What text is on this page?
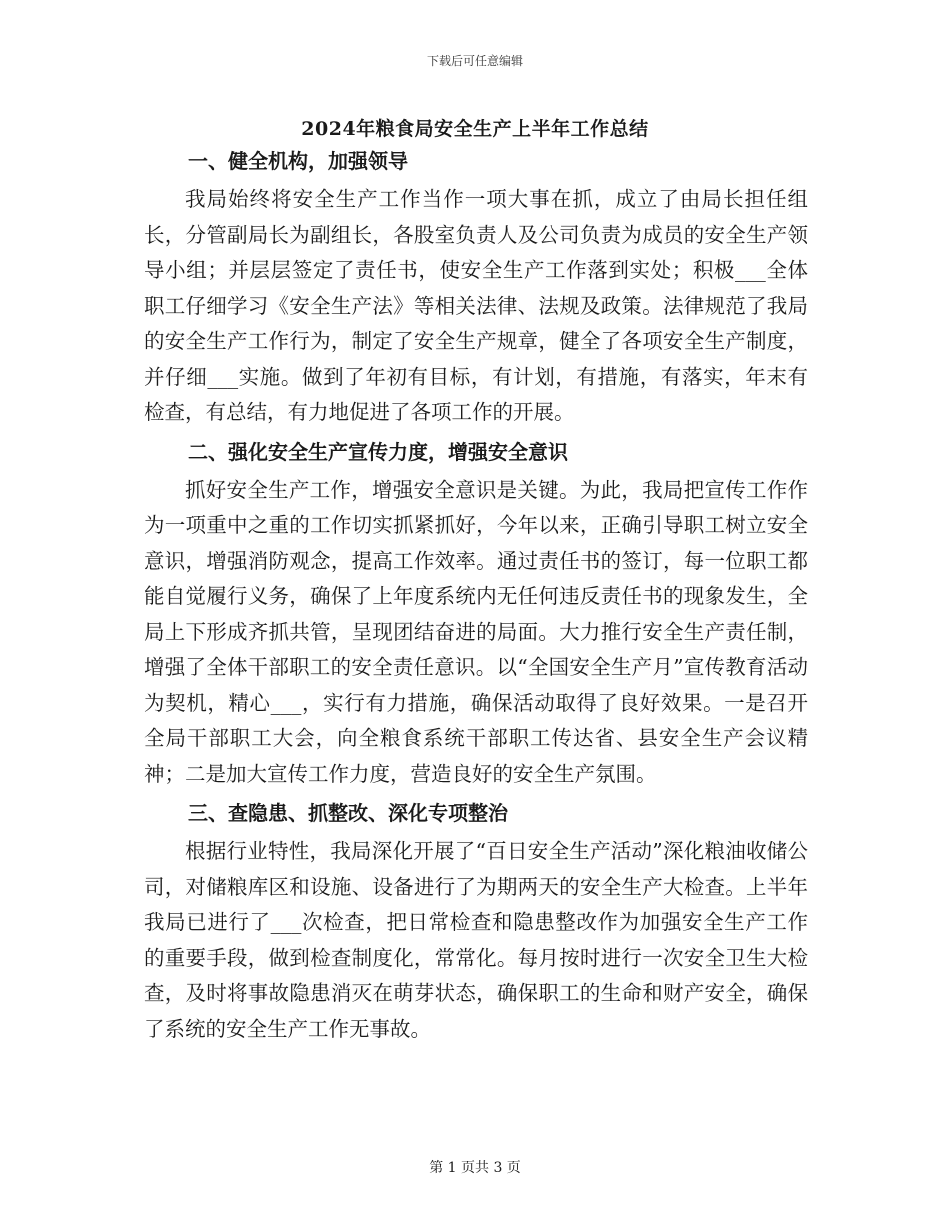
下载后可任意编辑
2024年粮食局安全生产上半年工作总结
一、健全机构，加强领导
我局始终将安全生产工作当作一项大事在抓，成立了由局长担任组长，分管副局长为副组长，各股室负责人及公司负责为成员的安全生产领导小组；并层层签定了责任书，使安全生产工作落到实处；积极___全体职工仔细学习《安全生产法》等相关法律、法规及政策。法律规范了我局的安全生产工作行为，制定了安全生产规章，健全了各项安全生产制度，并仔细___实施。做到了年初有目标，有计划，有措施，有落实，年末有检查，有总结，有力地促进了各项工作的开展。
二、强化安全生产宣传力度，增强安全意识
抓好安全生产工作，增强安全意识是关键。为此，我局把宣传工作作为一项重中之重的工作切实抓紧抓好，今年以来，正确引导职工树立安全意识，增强消防观念，提高工作效率。通过责任书的签订，每一位职工都能自觉履行义务，确保了上年度系统内无任何违反责任书的现象发生，全局上下形成齐抓共管，呈现团结奋进的局面。大力推行安全生产责任制，增强了全体干部职工的安全责任意识。以“全国安全生产月”宣传教育活动为契机，精心___，实行有力措施，确保活动取得了良好效果。一是召开全局干部职工大会，向全粮食系统干部职工传达省、县安全生产会议精神；二是加大宣传工作力度，营造良好的安全生产氛围。
三、查隐患、抓整改、深化专项整治
根据行业特性，我局深化开展了“百日安全生产活动”深化粮油收储公司，对储粮库区和设施、设备进行了为期两天的安全生产大检查。上半年我局已进行了___次检查，把日常检查和隐患整改作为加强安全生产工作的重要手段，做到检查制度化，常常化。每月按时进行一次安全卫生大检查，及时将事故隐患消灭在萌芽状态，确保职工的生命和财产安全，确保了系统的安全生产工作无事故。
第 1 页共 3 页
